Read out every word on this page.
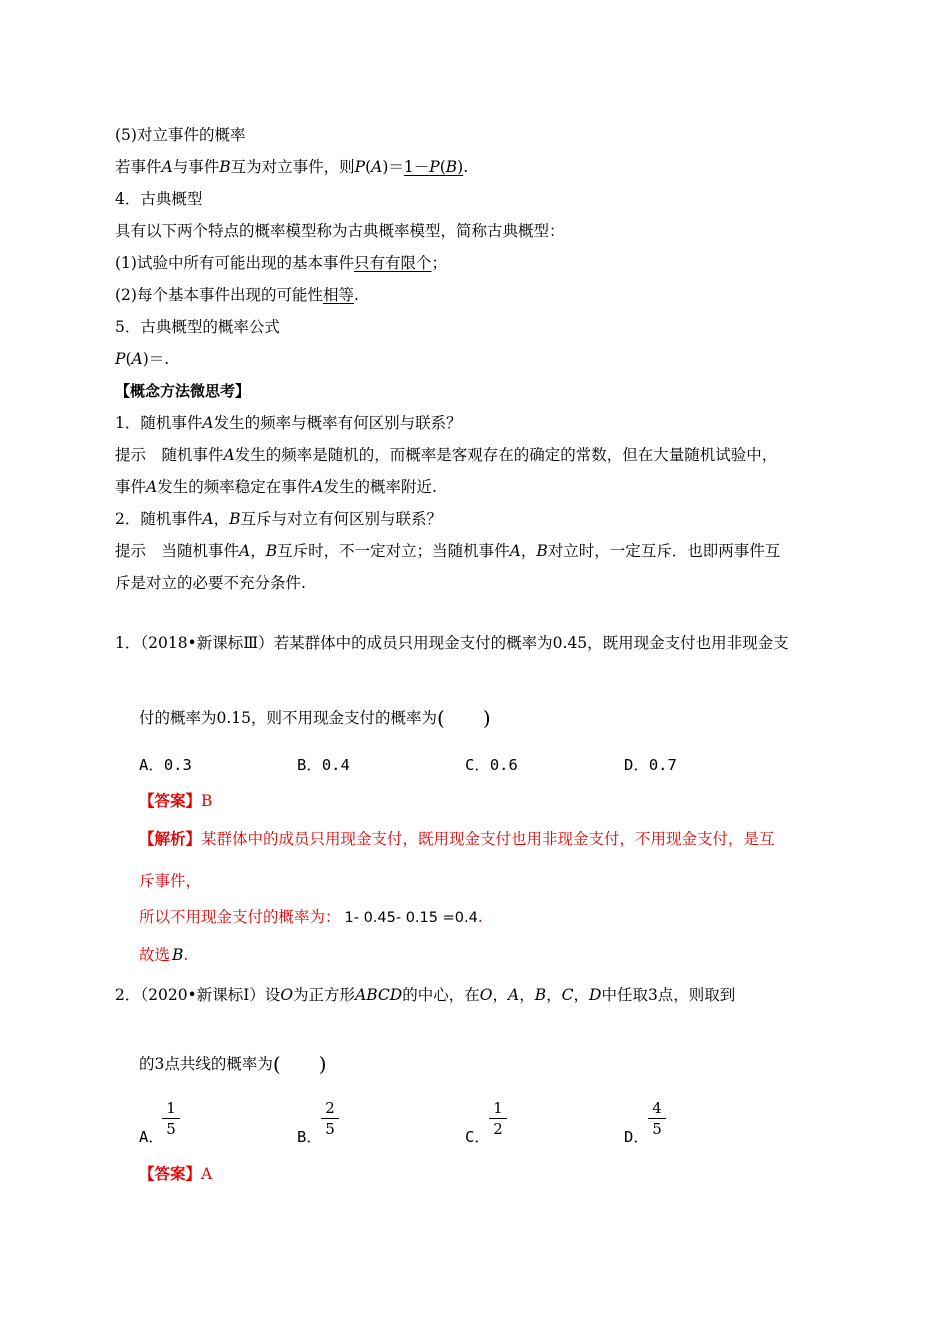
(5)对立事件的概率
若事件A与事件B互为对立事件，则P(A)＝1－P(B).
4．古典概型
具有以下两个特点的概率模型称为古典概率模型，简称古典概型：
(1)试验中所有可能出现的基本事件只有有限个；
(2)每个基本事件出现的可能性相等.
5．古典概型的概率公式
P(A)＝.
【概念方法微思考】
1．随机事件A发生的频率与概率有何区别与联系？
提示　随机事件A发生的频率是随机的，而概率是客观存在的确定的常数，但在大量随机试验中，
事件A发生的频率稳定在事件A发生的概率附近.
2．随机事件A，B互斥与对立有何区别与联系？
提示　当随机事件A，B互斥时，不一定对立；当随机事件A，B对立时，一定互斥．也即两事件互
斥是对立的必要不充分条件.
1．（2018•新课标Ⅲ）若某群体中的成员只用现金支付的概率为0.45，既用现金支付也用非现金支
付的概率为0.15，则不用现金支付的概率为( )
A．0.3	B．0.4	C．0.6	D．0.7
【答案】B
【解析】某群体中的成员只用现金支付，既用现金支付也用非现金支付，不用现金支付，是互
斥事件，
所以不用现金支付的概率为： 1- 0.45- 0.15 =0.4.
故选 B.
2．（2020•新课标Ⅰ）设O为正方形ABCD的中心，在O，A，B，C，D中任取3点，则取到
的3点共线的概率为( )
A．
1
5	B．
2
5	C．
1
2	D．
4
5
【答案】A
